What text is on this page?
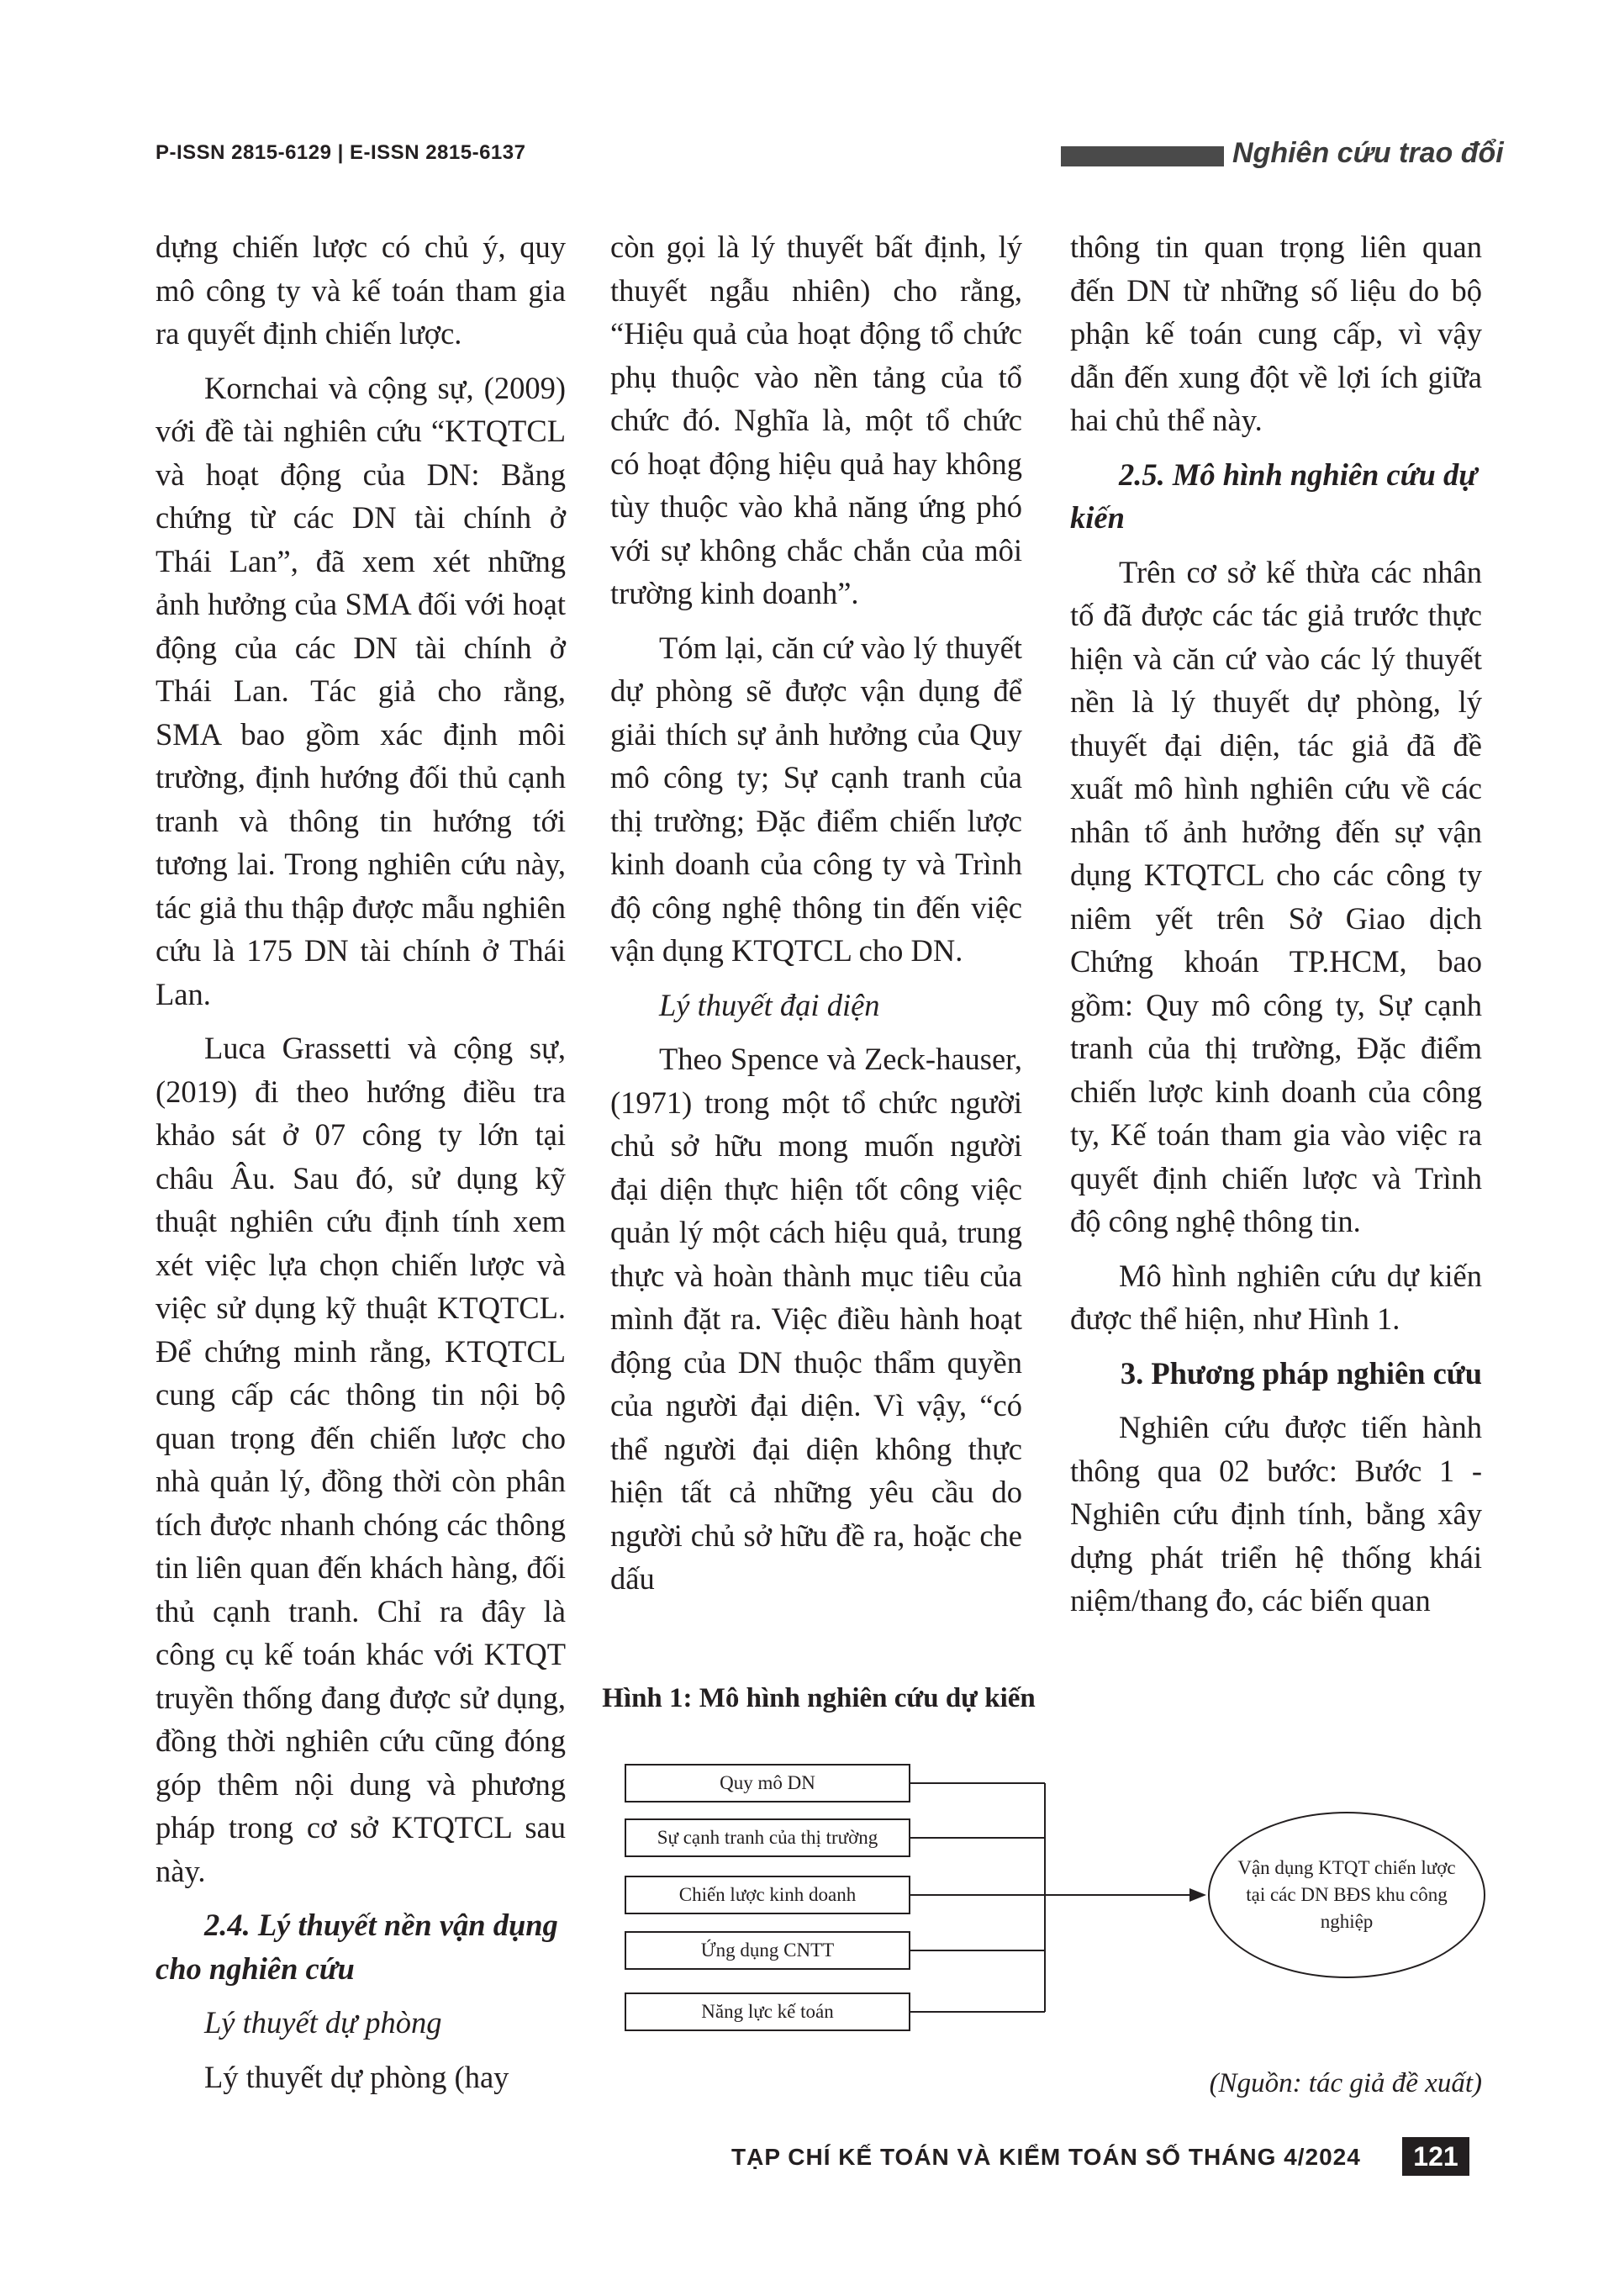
P-ISSN 2815-6129 | E-ISSN 2815-6137	Nghiên cứu trao đổi

dựng chiến lược có chủ ý, quy mô công ty và kế toán tham gia ra quyết định chiến lược.

Kornchai và cộng sự, (2009) với đề tài nghiên cứu “KTQTCL và hoạt động của DN: Bằng chứng từ các DN tài chính ở Thái Lan”, đã xem xét những ảnh hưởng của SMA đối với hoạt động của các DN tài chính ở Thái Lan. Tác giả cho rằng, SMA bao gồm xác định môi trường, định hướng đối thủ cạnh tranh và thông tin hướng tới tương lai. Trong nghiên cứu này, tác giả thu thập được mẫu nghiên cứu là 175 DN tài chính ở Thái Lan.

Luca Grassetti và cộng sự, (2019) đi theo hướng điều tra khảo sát ở 07 công ty lớn tại châu Âu. Sau đó, sử dụng kỹ thuật nghiên cứu định tính xem xét việc lựa chọn chiến lược và việc sử dụng kỹ thuật KTQTCL. Để chứng minh rằng, KTQTCL cung cấp các thông tin nội bộ quan trọng đến chiến lược cho nhà quản lý, đồng thời còn phân tích được nhanh chóng các thông tin liên quan đến khách hàng, đối thủ cạnh tranh. Chỉ ra đây là công cụ kế toán khác với KTQT truyền thống đang được sử dụng, đồng thời nghiên cứu cũng đóng góp thêm nội dung và phương pháp trong cơ sở KTQTCL sau này.

2.4. Lý thuyết nền vận dụng cho nghiên cứu

Lý thuyết dự phòng

Lý thuyết dự phòng (hay

còn gọi là lý thuyết bất định, lý thuyết ngẫu nhiên) cho rằng, “Hiệu quả của hoạt động tổ chức phụ thuộc vào nền tảng của tổ chức đó. Nghĩa là, một tổ chức có hoạt động hiệu quả hay không tùy thuộc vào khả năng ứng phó với sự không chắc chắn của môi trường kinh doanh”.

Tóm lại, căn cứ vào lý thuyết dự phòng sẽ được vận dụng để giải thích sự ảnh hưởng của Quy mô công ty; Sự cạnh tranh của thị trường; Đặc điểm chiến lược kinh doanh của công ty và Trình độ công nghệ thông tin đến việc vận dụng KTQTCL cho DN.

Lý thuyết đại diện

Theo Spence và Zeck-hauser, (1971) trong một tổ chức người chủ sở hữu mong muốn người đại diện thực hiện tốt công việc quản lý một cách hiệu quả, trung thực và hoàn thành mục tiêu của mình đặt ra. Việc điều hành hoạt động của DN thuộc thẩm quyền của người đại diện. Vì vậy, “có thể người đại diện không thực hiện tất cả những yêu cầu do người chủ sở hữu đề ra, hoặc che dấu

thông tin quan trọng liên quan đến DN từ những số liệu do bộ phận kế toán cung cấp, vì vậy dẫn đến xung đột về lợi ích giữa hai chủ thể này.

2.5. Mô hình nghiên cứu dự kiến

Trên cơ sở kế thừa các nhân tố đã được các tác giả trước thực hiện và căn cứ vào các lý thuyết nền là lý thuyết dự phòng, lý thuyết đại diện, tác giả đã đề xuất mô hình nghiên cứu về các nhân tố ảnh hưởng đến sự vận dụng KTQTCL cho các công ty niêm yết trên Sở Giao dịch Chứng khoán TP.HCM, bao gồm: Quy mô công ty, Sự cạnh tranh của thị trường, Đặc điểm chiến lược kinh doanh của công ty, Kế toán tham gia vào việc ra quyết định chiến lược và Trình độ công nghệ thông tin.

Mô hình nghiên cứu dự kiến được thể hiện, như Hình 1.

3. Phương pháp nghiên cứu

Nghiên cứu được tiến hành thông qua 02 bước: Bước 1 - Nghiên cứu định tính, bằng xây dựng phát triển hệ thống khái niệm/thang đo, các biến quan

Hình 1: Mô hình nghiên cứu dự kiến
Quy mô DN
Sự cạnh tranh của thị trường
Chiến lược kinh doanh
Ứng dụng CNTT
Năng lực kế toán
Vận dụng KTQT chiến lược tại các DN BĐS khu công nghiệp
(Nguồn: tác giả đề xuất)
TẠP CHÍ KẾ TOÁN VÀ KIỂM TOÁN SỐ THÁNG 4/2024	121
